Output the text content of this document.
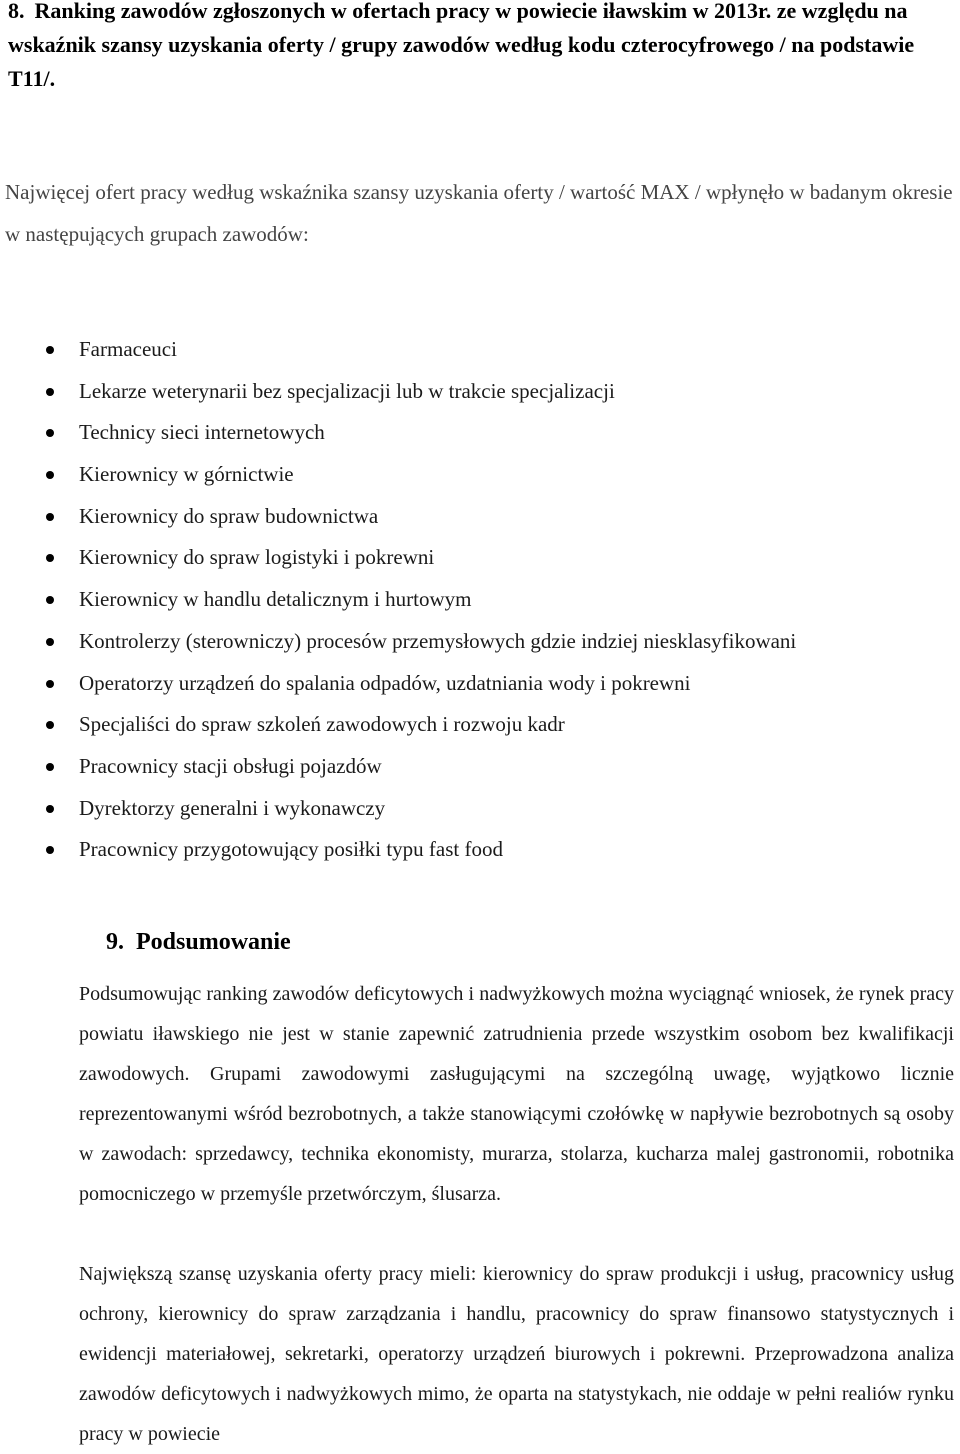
8. Ranking zawodów zgłoszonych w ofertach pracy w powiecie iławskim w 2013r. ze względu na wskaźnik szansy uzyskania oferty / grupy zawodów według kodu czterocyfrowego / na podstawie T11/.

Najwięcej ofert pracy według wskaźnika szansy uzyskania oferty / wartość MAX / wpłynęło w badanym okresie w następujących grupach zawodów:

Farmaceuci
Lekarze weterynarii bez specjalizacji lub w trakcie specjalizacji
Technicy sieci internetowych
Kierownicy w górnictwie
Kierownicy do spraw budownictwa
Kierownicy do spraw logistyki i pokrewni
Kierownicy w handlu detalicznym i hurtowym
Kontrolerzy (sterowniczy) procesów przemysłowych gdzie indziej niesklasyfikowani
Operatorzy urządzeń do spalania odpadów, uzdatniania wody i pokrewni
Specjaliści do spraw szkoleń zawodowych i rozwoju kadr
Pracownicy stacji obsługi pojazdów
Dyrektorzy generalni i wykonawczy
Pracownicy przygotowujący posiłki typu fast food
9. Podsumowanie

Podsumowując ranking zawodów deficytowych i nadwyżkowych można wyciągnąć wniosek, że rynek pracy powiatu iławskiego nie jest w stanie zapewnić zatrudnienia przede wszystkim osobom bez kwalifikacji zawodowych. Grupami zawodowymi zasługującymi na szczególną uwagę, wyjątkowo licznie reprezentowanymi wśród bezrobotnych, a także stanowiącymi czołówkę w napływie bezrobotnych są osoby w zawodach: sprzedawcy, technika ekonomisty, murarza, stolarza, kucharza malej gastronomii, robotnika pomocniczego w przemyśle przetwórczym, ślusarza.

Największą szansę uzyskania oferty pracy mieli: kierownicy do spraw produkcji i usług, pracownicy usług ochrony, kierownicy do spraw zarządzania i handlu, pracownicy do spraw finansowo statystycznych i ewidencji materiałowej, sekretarki, operatorzy urządzeń biurowych i pokrewni. Przeprowadzona analiza zawodów deficytowych i nadwyżkowych mimo, że oparta na statystykach, nie oddaje w pełni realiów rynku pracy w powiecie
